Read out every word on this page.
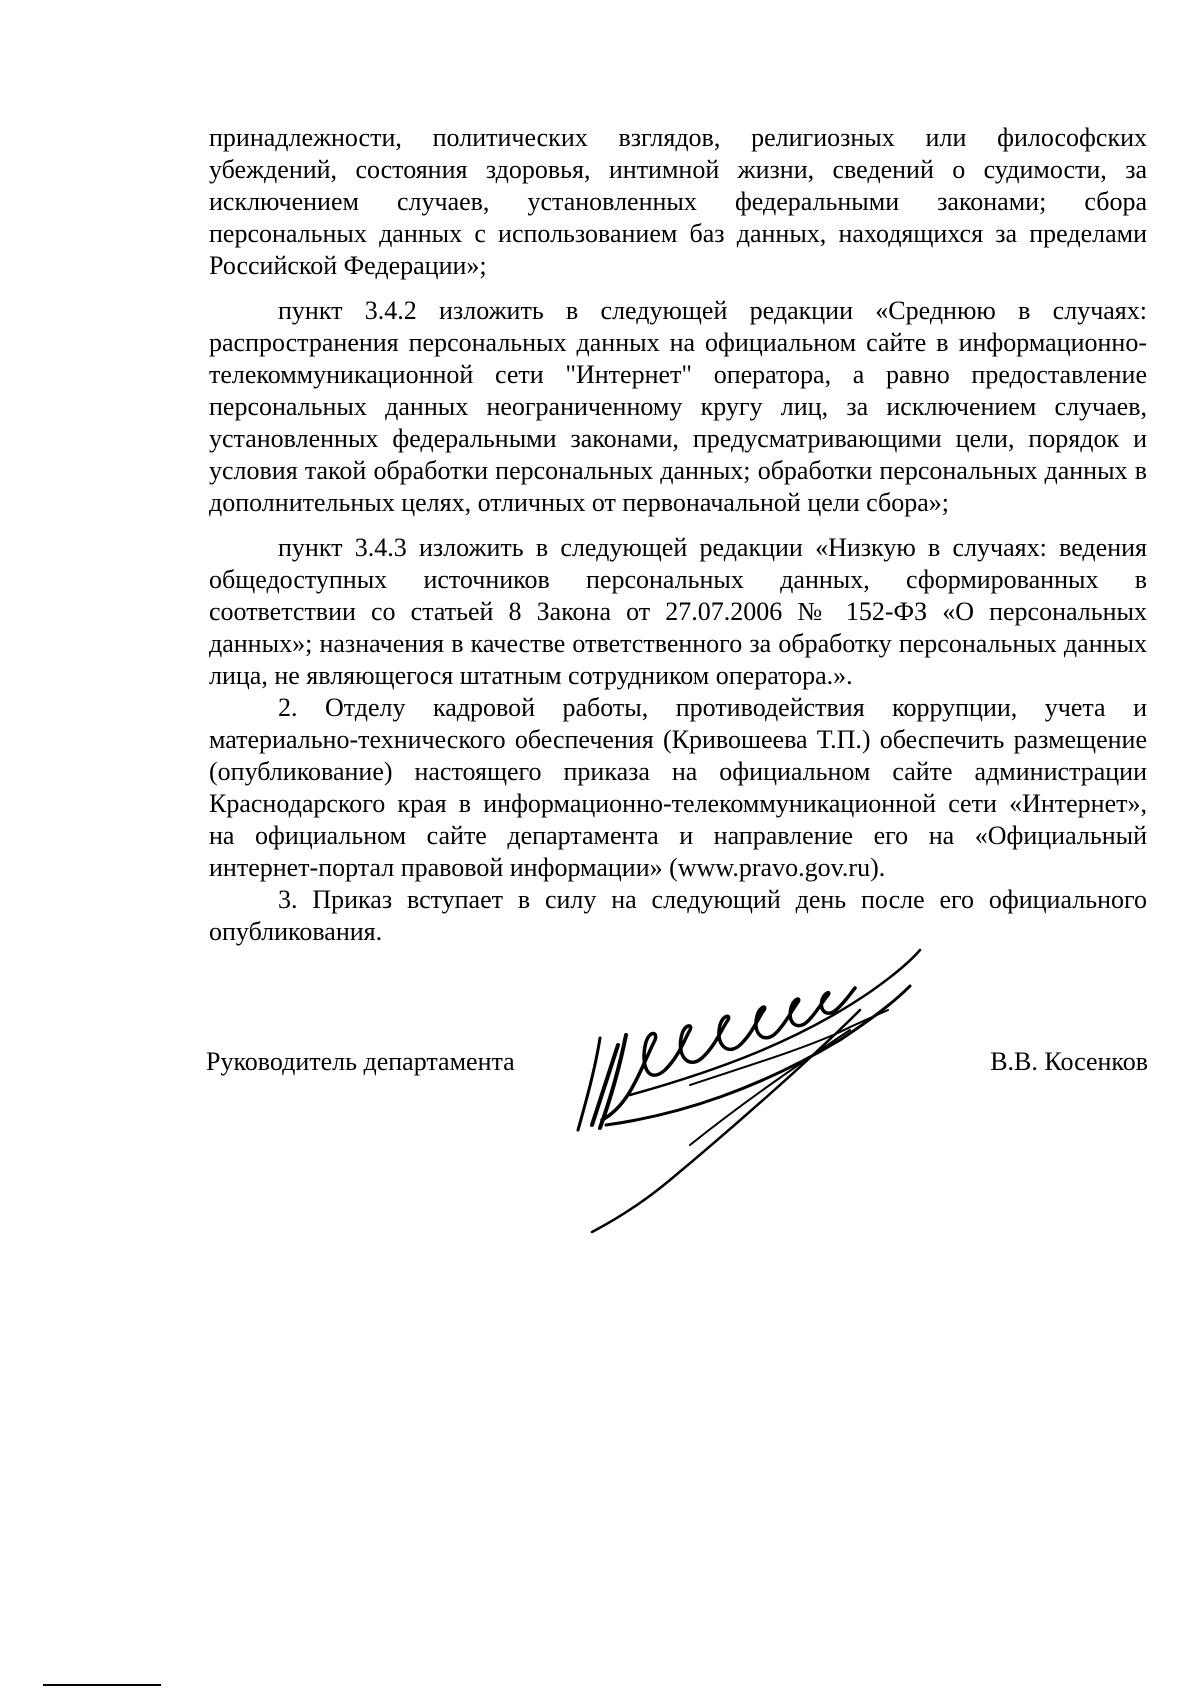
принадлежности, политических взглядов, религиозных или философских убеждений, состояния здоровья, интимной жизни, сведений о судимости, за исключением случаев, установленных федеральными законами; сбора персональных данных с использованием баз данных, находящихся за пределами Российской Федерации»;

пункт 3.4.2 изложить в следующей редакции «Среднюю в случаях: распространения персональных данных на официальном сайте в информационно-телекоммуникационной сети "Интернет" оператора, а равно предоставление персональных данных неограниченному кругу лиц, за исключением случаев, установленных федеральными законами, предусматривающими цели, порядок и условия такой обработки персональных данных; обработки персональных данных в дополнительных целях, отличных от первоначальной цели сбора»;

пункт 3.4.3 изложить в следующей редакции «Низкую в случаях: ведения общедоступных источников персональных данных, сформированных в соответствии со статьей 8 Закона от 27.07.2006 № 152-ФЗ «О персональных данных»; назначения в качестве ответственного за обработку персональных данных лица, не являющегося штатным сотрудником оператора.».

2. Отделу кадровой работы, противодействия коррупции, учета и материально-технического обеспечения (Кривошеева Т.П.) обеспечить размещение (опубликование) настоящего приказа на официальном сайте администрации Краснодарского края в информационно-телекоммуникационной сети «Интернет», на официальном сайте департамента и направление его на «Официальный интернет-портал правовой информации» (www.pravo.gov.ru).

3. Приказ вступает в силу на следующий день после его официального опубликования.

Руководитель департамента	В.В. Косенков
